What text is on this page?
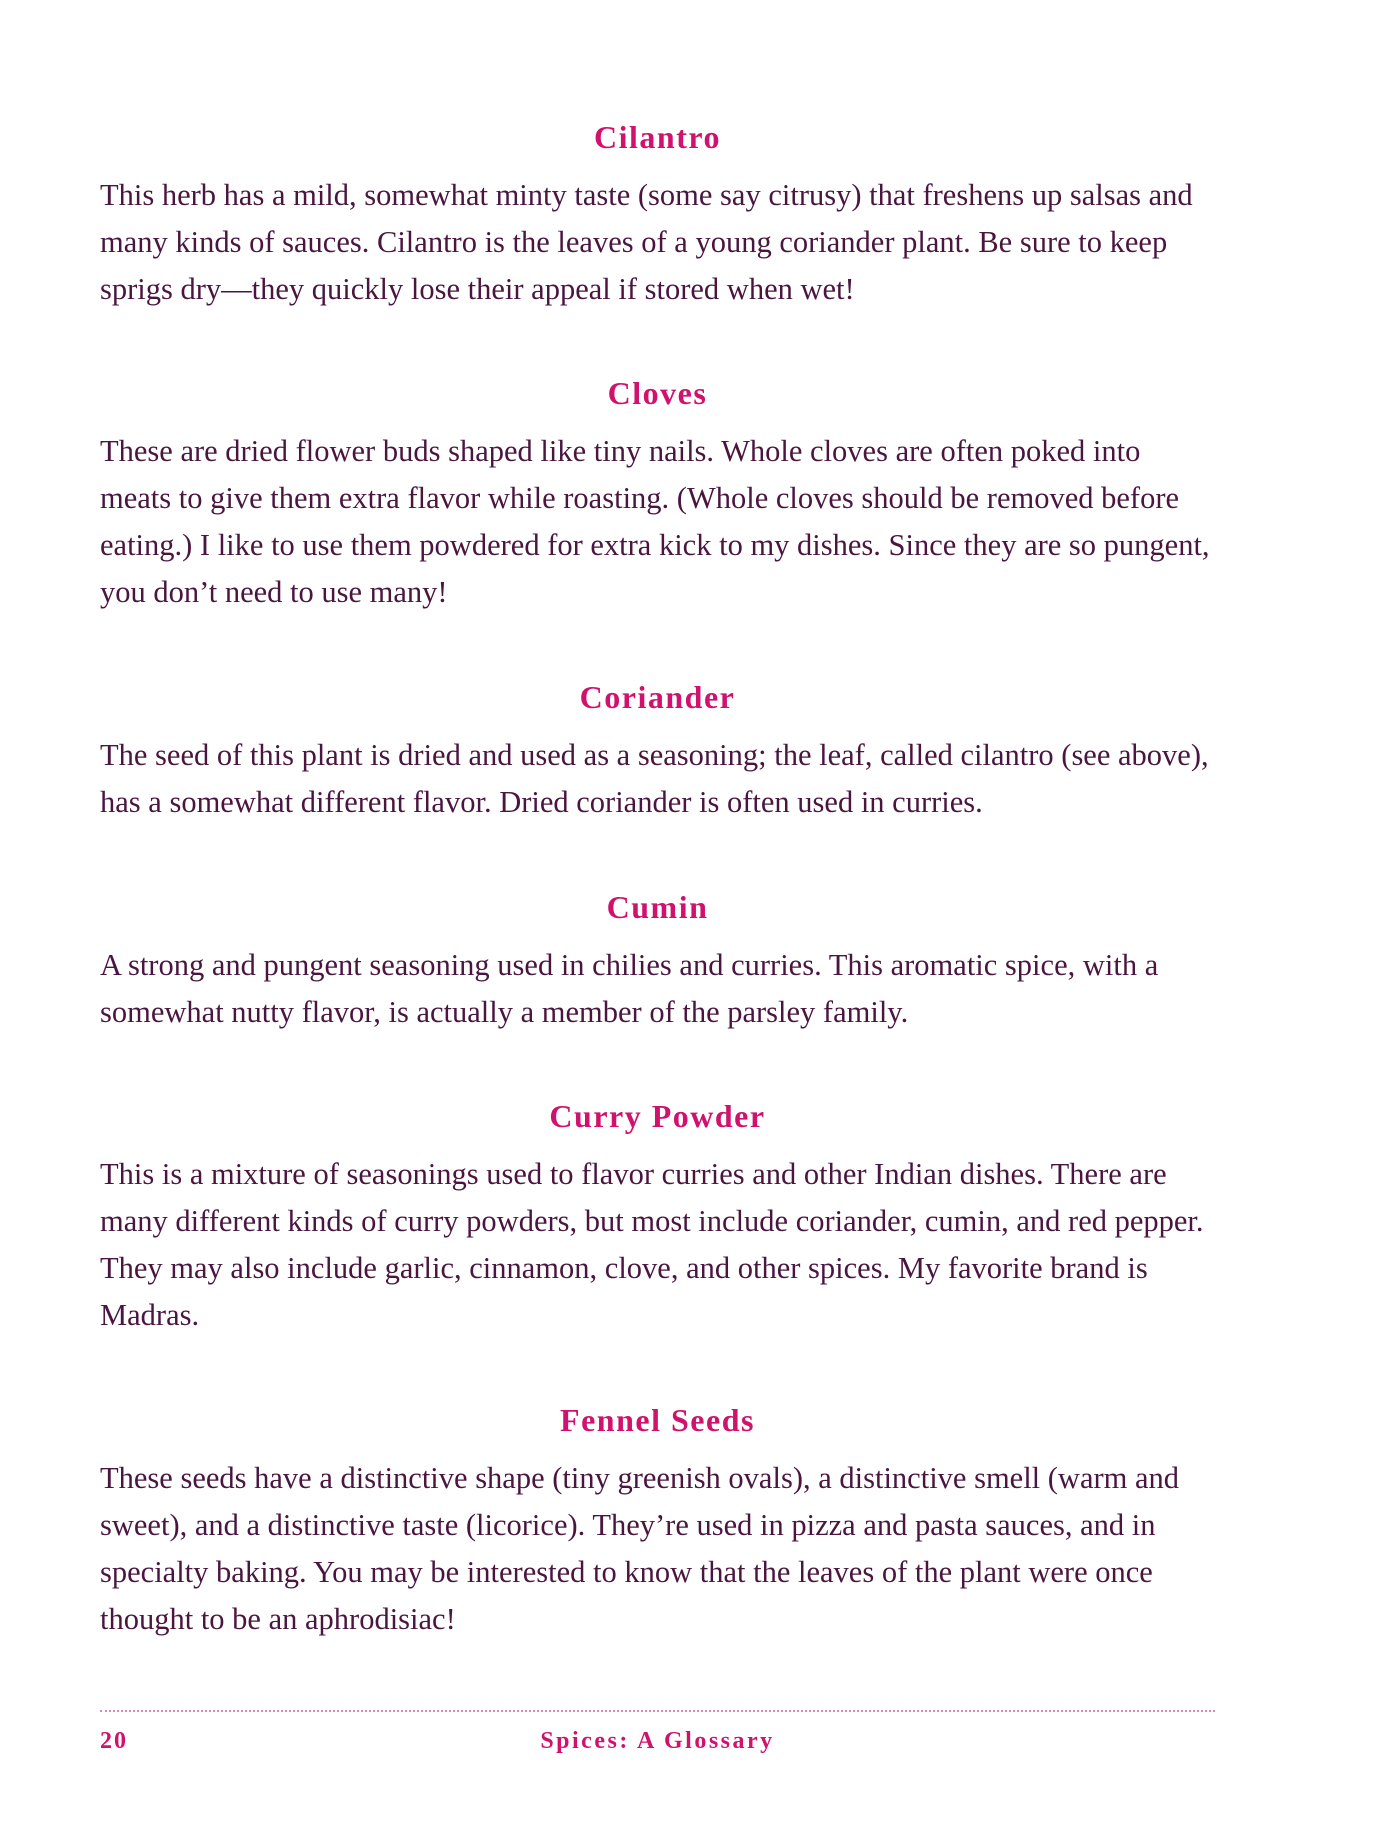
Cilantro

This herb has a mild, somewhat minty taste (some say citrusy) that freshens up salsas and many kinds of sauces. Cilantro is the leaves of a young coriander plant. Be sure to keep sprigs dry—they quickly lose their appeal if stored when wet!

Cloves

These are dried flower buds shaped like tiny nails. Whole cloves are often poked into meats to give them extra flavor while roasting. (Whole cloves should be removed before eating.) I like to use them powdered for extra kick to my dishes. Since they are so pungent, you don’t need to use many!

Coriander

The seed of this plant is dried and used as a seasoning; the leaf, called cilantro (see above), has a somewhat different flavor. Dried coriander is often used in curries.

Cumin

A strong and pungent seasoning used in chilies and curries. This aromatic spice, with a somewhat nutty flavor, is actually a member of the parsley family.

Curry Powder

This is a mixture of seasonings used to flavor curries and other Indian dishes. There are many different kinds of curry powders, but most include coriander, cumin, and red pepper. They may also include garlic, cinnamon, clove, and other spices. My favorite brand is Madras.

Fennel Seeds

These seeds have a distinctive shape (tiny greenish ovals), a distinctive smell (warm and sweet), and a distinctive taste (licorice). They’re used in pizza and pasta sauces, and in specialty baking. You may be interested to know that the leaves of the plant were once thought to be an aphrodisiac!

20	Spices: A Glossary
